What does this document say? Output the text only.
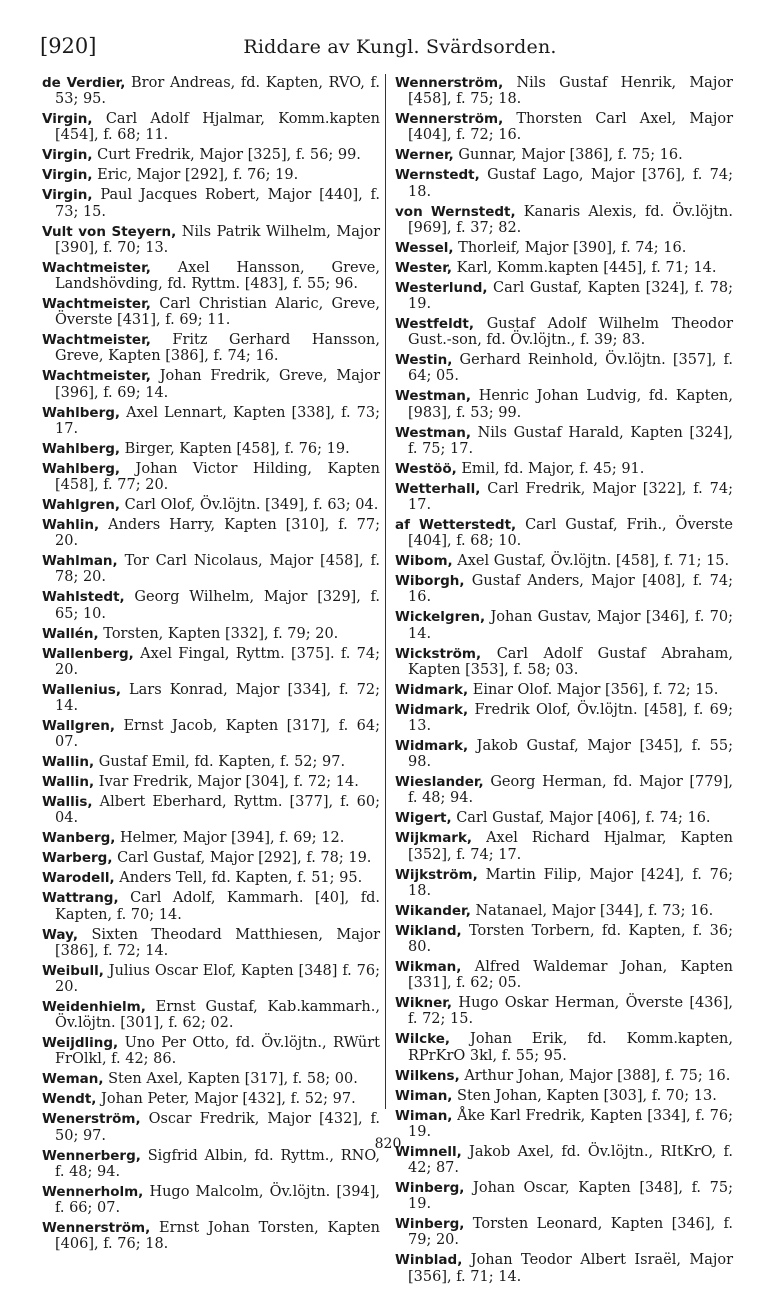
[920]	Riddare av Kungl. Svärdsorden.

de Verdier, Bror Andreas, fd. Kapten, RVO, f. 53; 95.

Virgin, Carl Adolf Hjalmar, Komm.kapten [454], f. 68; 11.

Virgin, Curt Fredrik, Major [325], f. 56; 99.

Virgin, Eric, Major [292], f. 76; 19.

Virgin, Paul Jacques Robert, Major [440], f. 73; 15.

Vult von Steyern, Nils Patrik Wilhelm, Major [390], f. 70; 13.

Wachtmeister, Axel Hansson, Greve, Landshövding, fd. Ryttm. [483], f. 55; 96.

Wachtmeister, Carl Christian Alaric, Greve, Överste [431], f. 69; 11.

Wachtmeister, Fritz Gerhard Hansson, Greve, Kapten [386], f. 74; 16.

Wachtmeister, Johan Fredrik, Greve, Major [396], f. 69; 14.

Wahlberg, Axel Lennart, Kapten [338], f. 73; 17.

Wahlberg, Birger, Kapten [458], f. 76; 19.

Wahlberg, Johan Victor Hilding, Kapten [458], f. 77; 20.

Wahlgren, Carl Olof, Öv.löjtn. [349], f. 63; 04.

Wahlin, Anders Harry, Kapten [310], f. 77; 20.

Wahlman, Tor Carl Nicolaus, Major [458], f. 78; 20.

Wahlstedt, Georg Wilhelm, Major [329], f. 65; 10.

Wallén, Torsten, Kapten [332], f. 79; 20.

Wallenberg, Axel Fingal, Ryttm. [375]. f. 74; 20.

Wallenius, Lars Konrad, Major [334], f. 72; 14.

Wallgren, Ernst Jacob, Kapten [317], f. 64; 07.

Wallin, Gustaf Emil, fd. Kapten, f. 52; 97.

Wallin, Ivar Fredrik, Major [304], f. 72; 14.

Wallis, Albert Eberhard, Ryttm. [377], f. 60; 04.

Wanberg, Helmer, Major [394], f. 69; 12.

Warberg, Carl Gustaf, Major [292], f. 78; 19.

Warodell, Anders Tell, fd. Kapten, f. 51; 95.

Wattrang, Carl Adolf, Kammarh. [40], fd. Kapten, f. 70; 14.

Way, Sixten Theodard Matthiesen, Major [386], f. 72; 14.

Weibull, Julius Oscar Elof, Kapten [348] f. 76; 20.

Weidenhielm, Ernst Gustaf, Kab.kammarh., Öv.löjtn. [301], f. 62; 02.

Weijdling, Uno Per Otto, fd. Öv.löjtn., RWürt FrOlkl, f. 42; 86.

Weman, Sten Axel, Kapten [317], f. 58; 00.

Wendt, Johan Peter, Major [432], f. 52; 97.

Wenerström, Oscar Fredrik, Major [432], f. 50; 97.

Wennerberg, Sigfrid Albin, fd. Ryttm., RNO, f. 48; 94.

Wennerholm, Hugo Malcolm, Öv.löjtn. [394], f. 66; 07.

Wennerström, Ernst Johan Torsten, Kapten [406], f. 76; 18.

Wennerström, Nils Gustaf Henrik, Major [458], f. 75; 18.

Wennerström, Thorsten Carl Axel, Major [404], f. 72; 16.

Werner, Gunnar, Major [386], f. 75; 16.

Wernstedt, Gustaf Lago, Major [376], f. 74; 18.

von Wernstedt, Kanaris Alexis, fd. Öv.löjtn. [969], f. 37; 82.

Wessel, Thorleif, Major [390], f. 74; 16.

Wester, Karl, Komm.kapten [445], f. 71; 14.

Westerlund, Carl Gustaf, Kapten [324], f. 78; 19.

Westfeldt, Gustaf Adolf Wilhelm Theodor Gust.-son, fd. Öv.löjtn., f. 39; 83.

Westin, Gerhard Reinhold, Öv.löjtn. [357], f. 64; 05.

Westman, Henric Johan Ludvig, fd. Kapten, [983], f. 53; 99.

Westman, Nils Gustaf Harald, Kapten [324], f. 75; 17.

Westöö, Emil, fd. Major, f. 45; 91.

Wetterhall, Carl Fredrik, Major [322], f. 74; 17.

af Wetterstedt, Carl Gustaf, Frih., Överste [404], f. 68; 10.

Wibom, Axel Gustaf, Öv.löjtn. [458], f. 71; 15.

Wiborgh, Gustaf Anders, Major [408], f. 74; 16.

Wickelgren, Johan Gustav, Major [346], f. 70; 14.

Wickström, Carl Adolf Gustaf Abraham, Kapten [353], f. 58; 03.

Widmark, Einar Olof. Major [356], f. 72; 15.

Widmark, Fredrik Olof, Öv.löjtn. [458], f. 69; 13.

Widmark, Jakob Gustaf, Major [345], f. 55; 98.

Wieslander, Georg Herman, fd. Major [779], f. 48; 94.

Wigert, Carl Gustaf, Major [406], f. 74; 16.

Wijkmark, Axel Richard Hjalmar, Kapten [352], f. 74; 17.

Wijkström, Martin Filip, Major [424], f. 76; 18.

Wikander, Natanael, Major [344], f. 73; 16.

Wikland, Torsten Torbern, fd. Kapten, f. 36; 80.

Wikman, Alfred Waldemar Johan, Kapten [331], f. 62; 05.

Wikner, Hugo Oskar Herman, Överste [436], f. 72; 15.

Wilcke, Johan Erik, fd. Komm.kapten, RPrKrO 3kl, f. 55; 95.

Wilkens, Arthur Johan, Major [388], f. 75; 16.

Wiman, Sten Johan, Kapten [303], f. 70; 13.

Wiman, Åke Karl Fredrik, Kapten [334], f. 76; 19.

Wimnell, Jakob Axel, fd. Öv.löjtn., RItKrO, f. 42; 87.

Winberg, Johan Oscar, Kapten [348], f. 75; 19.

Winberg, Torsten Leonard, Kapten [346], f. 79; 20.

Winblad, Johan Teodor Albert Israël, Major [356], f. 71; 14.

820
